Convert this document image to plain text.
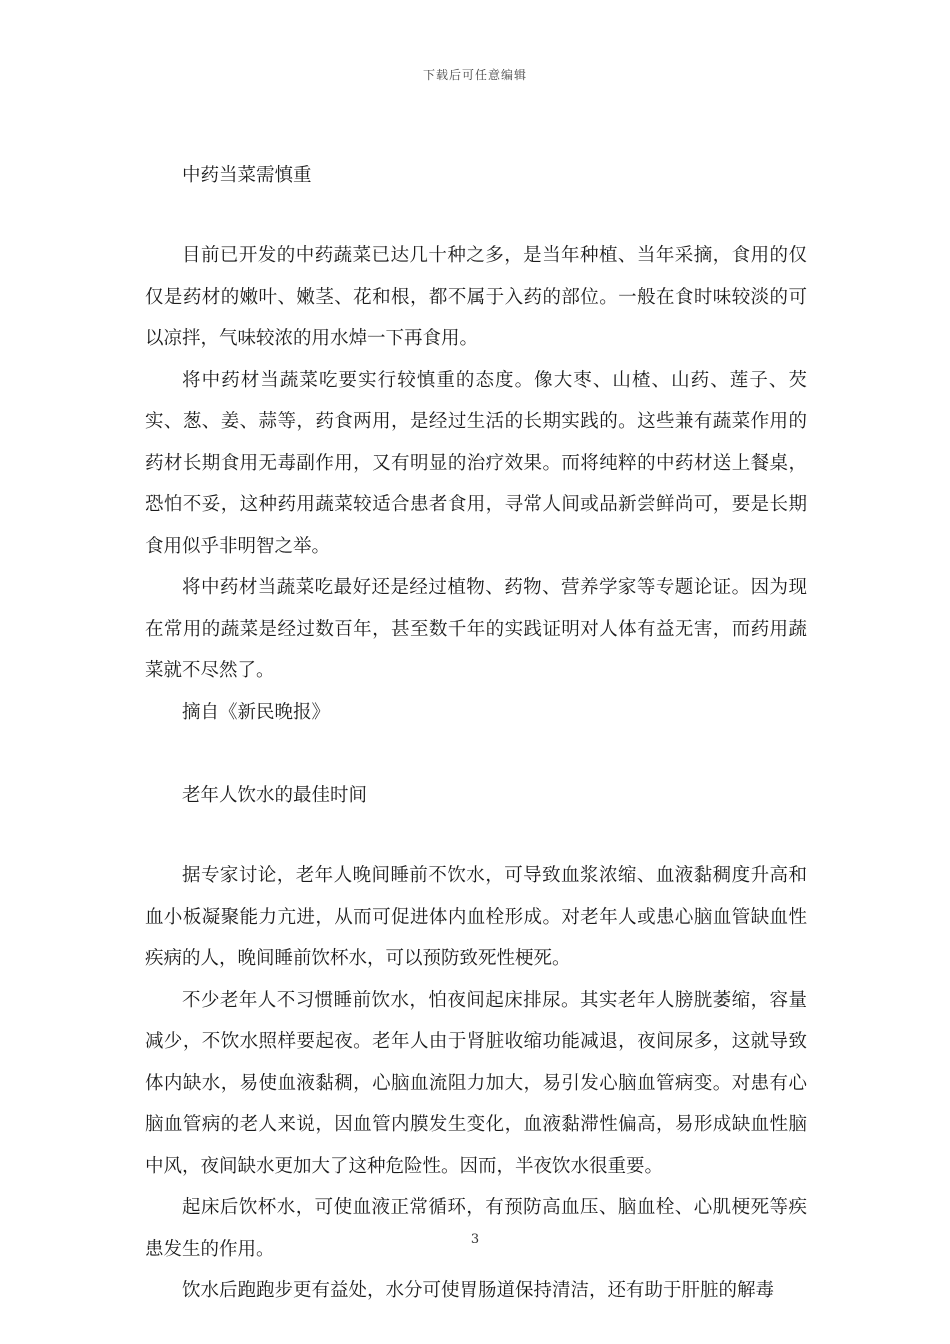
下载后可任意编辑

中药当菜需慎重

目前已开发的中药蔬菜已达几十种之多，是当年种植、当年采摘，食用的仅仅是药材的嫩叶、嫩茎、花和根，都不属于入药的部位。一般在食时味较淡的可以凉拌，气味较浓的用水焯一下再食用。

将中药材当蔬菜吃要实行较慎重的态度。像大枣、山楂、山药、莲子、芡实、葱、姜、蒜等，药食两用，是经过生活的长期实践的。这些兼有蔬菜作用的药材长期食用无毒副作用，又有明显的治疗效果。而将纯粹的中药材送上餐桌，恐怕不妥，这种药用蔬菜较适合患者食用，寻常人间或品新尝鲜尚可，要是长期食用似乎非明智之举。

将中药材当蔬菜吃最好还是经过植物、药物、营养学家等专题论证。因为现在常用的蔬菜是经过数百年，甚至数千年的实践证明对人体有益无害，而药用蔬菜就不尽然了。

摘自《新民晚报》

老年人饮水的最佳时间

据专家讨论，老年人晚间睡前不饮水，可导致血浆浓缩、血液黏稠度升高和血小板凝聚能力亢进，从而可促进体内血栓形成。对老年人或患心脑血管缺血性疾病的人，晚间睡前饮杯水，可以预防致死性梗死。

不少老年人不习惯睡前饮水，怕夜间起床排尿。其实老年人膀胱萎缩，容量减少，不饮水照样要起夜。老年人由于肾脏收缩功能减退，夜间尿多，这就导致体内缺水，易使血液黏稠，心脑血流阻力加大，易引发心脑血管病变。对患有心脑血管病的老人来说，因血管内膜发生变化，血液黏滞性偏高，易形成缺血性脑中风，夜间缺水更加大了这种危险性。因而，半夜饮水很重要。

起床后饮杯水，可使血液正常循环，有预防高血压、脑血栓、心肌梗死等疾患发生的作用。

饮水后跑跑步更有益处，水分可使胃肠道保持清洁，还有助于肝脏的解毒

3
